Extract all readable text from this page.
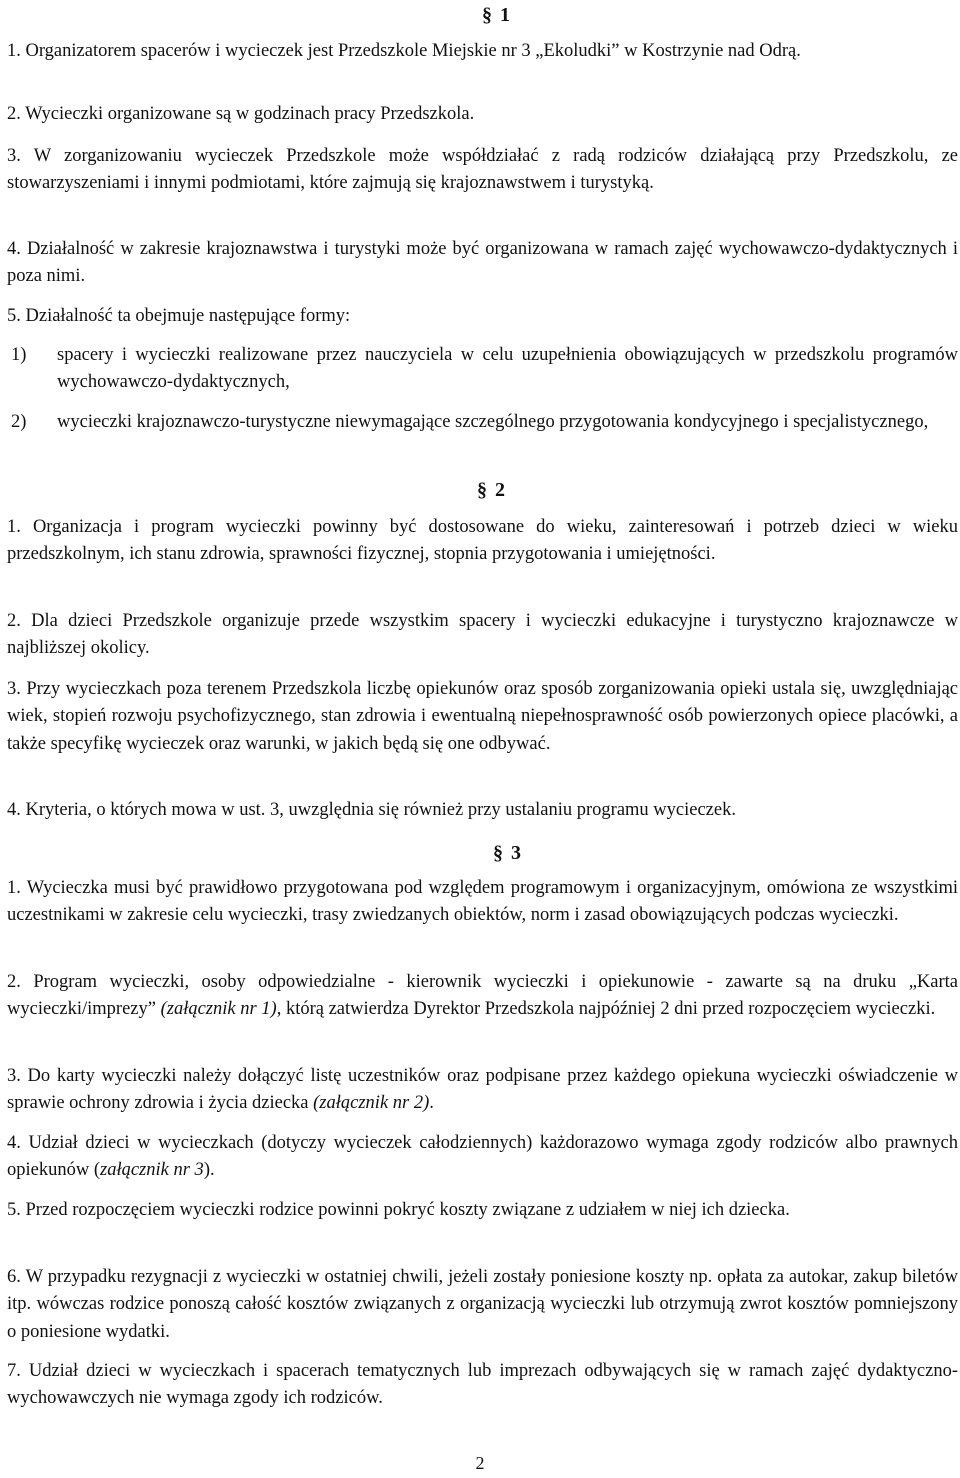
§ 1
1. Organizatorem spacerów i wycieczek jest Przedszkole Miejskie nr 3 „Ekoludki” w Kostrzynie nad Odrą.
2. Wycieczki organizowane są w godzinach pracy Przedszkola.
3. W zorganizowaniu wycieczek Przedszkole może współdziałać z radą rodziców działającą przy Przedszkolu, ze stowarzyszeniami i innymi podmiotami, które zajmują się krajoznawstwem i turystyką.
4. Działalność w zakresie krajoznawstwa i turystyki może być organizowana w ramach zajęć wychowawczo-dydaktycznych i poza nimi.
5. Działalność ta obejmuje następujące formy:
1) spacery i wycieczki realizowane przez nauczyciela w celu uzupełnienia obowiązujących w przedszkolu programów wychowawczo-dydaktycznych,
2) wycieczki krajoznawczo-turystyczne niewymagające szczególnego przygotowania kondycyjnego i specjalistycznego,
§ 2
1. Organizacja i program wycieczki powinny być dostosowane do wieku, zainteresowań i potrzeb dzieci w wieku przedszkolnym, ich stanu zdrowia, sprawności fizycznej, stopnia przygotowania i umiejętności.
2. Dla dzieci Przedszkole organizuje przede wszystkim spacery i wycieczki edukacyjne i turystyczno krajoznawcze w najbliższej okolicy.
3. Przy wycieczkach poza terenem Przedszkola liczbę opiekunów oraz sposób zorganizowania opieki ustala się, uwzględniając wiek, stopień rozwoju psychofizycznego, stan zdrowia i ewentualną niepełnosprawność osób powierzonych opiece placówki, a także specyfikę wycieczek oraz warunki, w jakich będą się one odbywać.
4. Kryteria, o których mowa w ust. 3, uwzględnia się również przy ustalaniu programu wycieczek.
§ 3
1. Wycieczka musi być prawidłowo przygotowana pod względem programowym i organizacyjnym, omówiona ze wszystkimi uczestnikami w zakresie celu wycieczki, trasy zwiedzanych obiektów, norm i zasad obowiązujących podczas wycieczki.
2. Program wycieczki, osoby odpowiedzialne - kierownik wycieczki i opiekunowie - zawarte są na druku „Karta wycieczki/imprezy” (załącznik nr 1), którą zatwierdza Dyrektor Przedszkola najpóźniej 2 dni przed rozpoczęciem wycieczki.
3. Do karty wycieczki należy dołączyć listę uczestników oraz podpisane przez każdego opiekuna wycieczki oświadczenie w sprawie ochrony zdrowia i życia dziecka (załącznik nr 2).
4. Udział dzieci w wycieczkach (dotyczy wycieczek całodziennych) każdorazowo wymaga zgody rodziców albo prawnych opiekunów (załącznik nr 3).
5. Przed rozpoczęciem wycieczki rodzice powinni pokryć koszty związane z udziałem w niej ich dziecka.
6. W przypadku rezygnacji z wycieczki w ostatniej chwili, jeżeli zostały poniesione koszty np. opłata za autokar, zakup biletów itp. wówczas rodzice ponoszą całość kosztów związanych z organizacją wycieczki lub otrzymują zwrot kosztów pomniejszony o poniesione wydatki.
7. Udział dzieci w wycieczkach i spacerach tematycznych lub imprezach odbywających się w ramach zajęć dydaktyczno-wychowawczych nie wymaga zgody ich rodziców.
2
